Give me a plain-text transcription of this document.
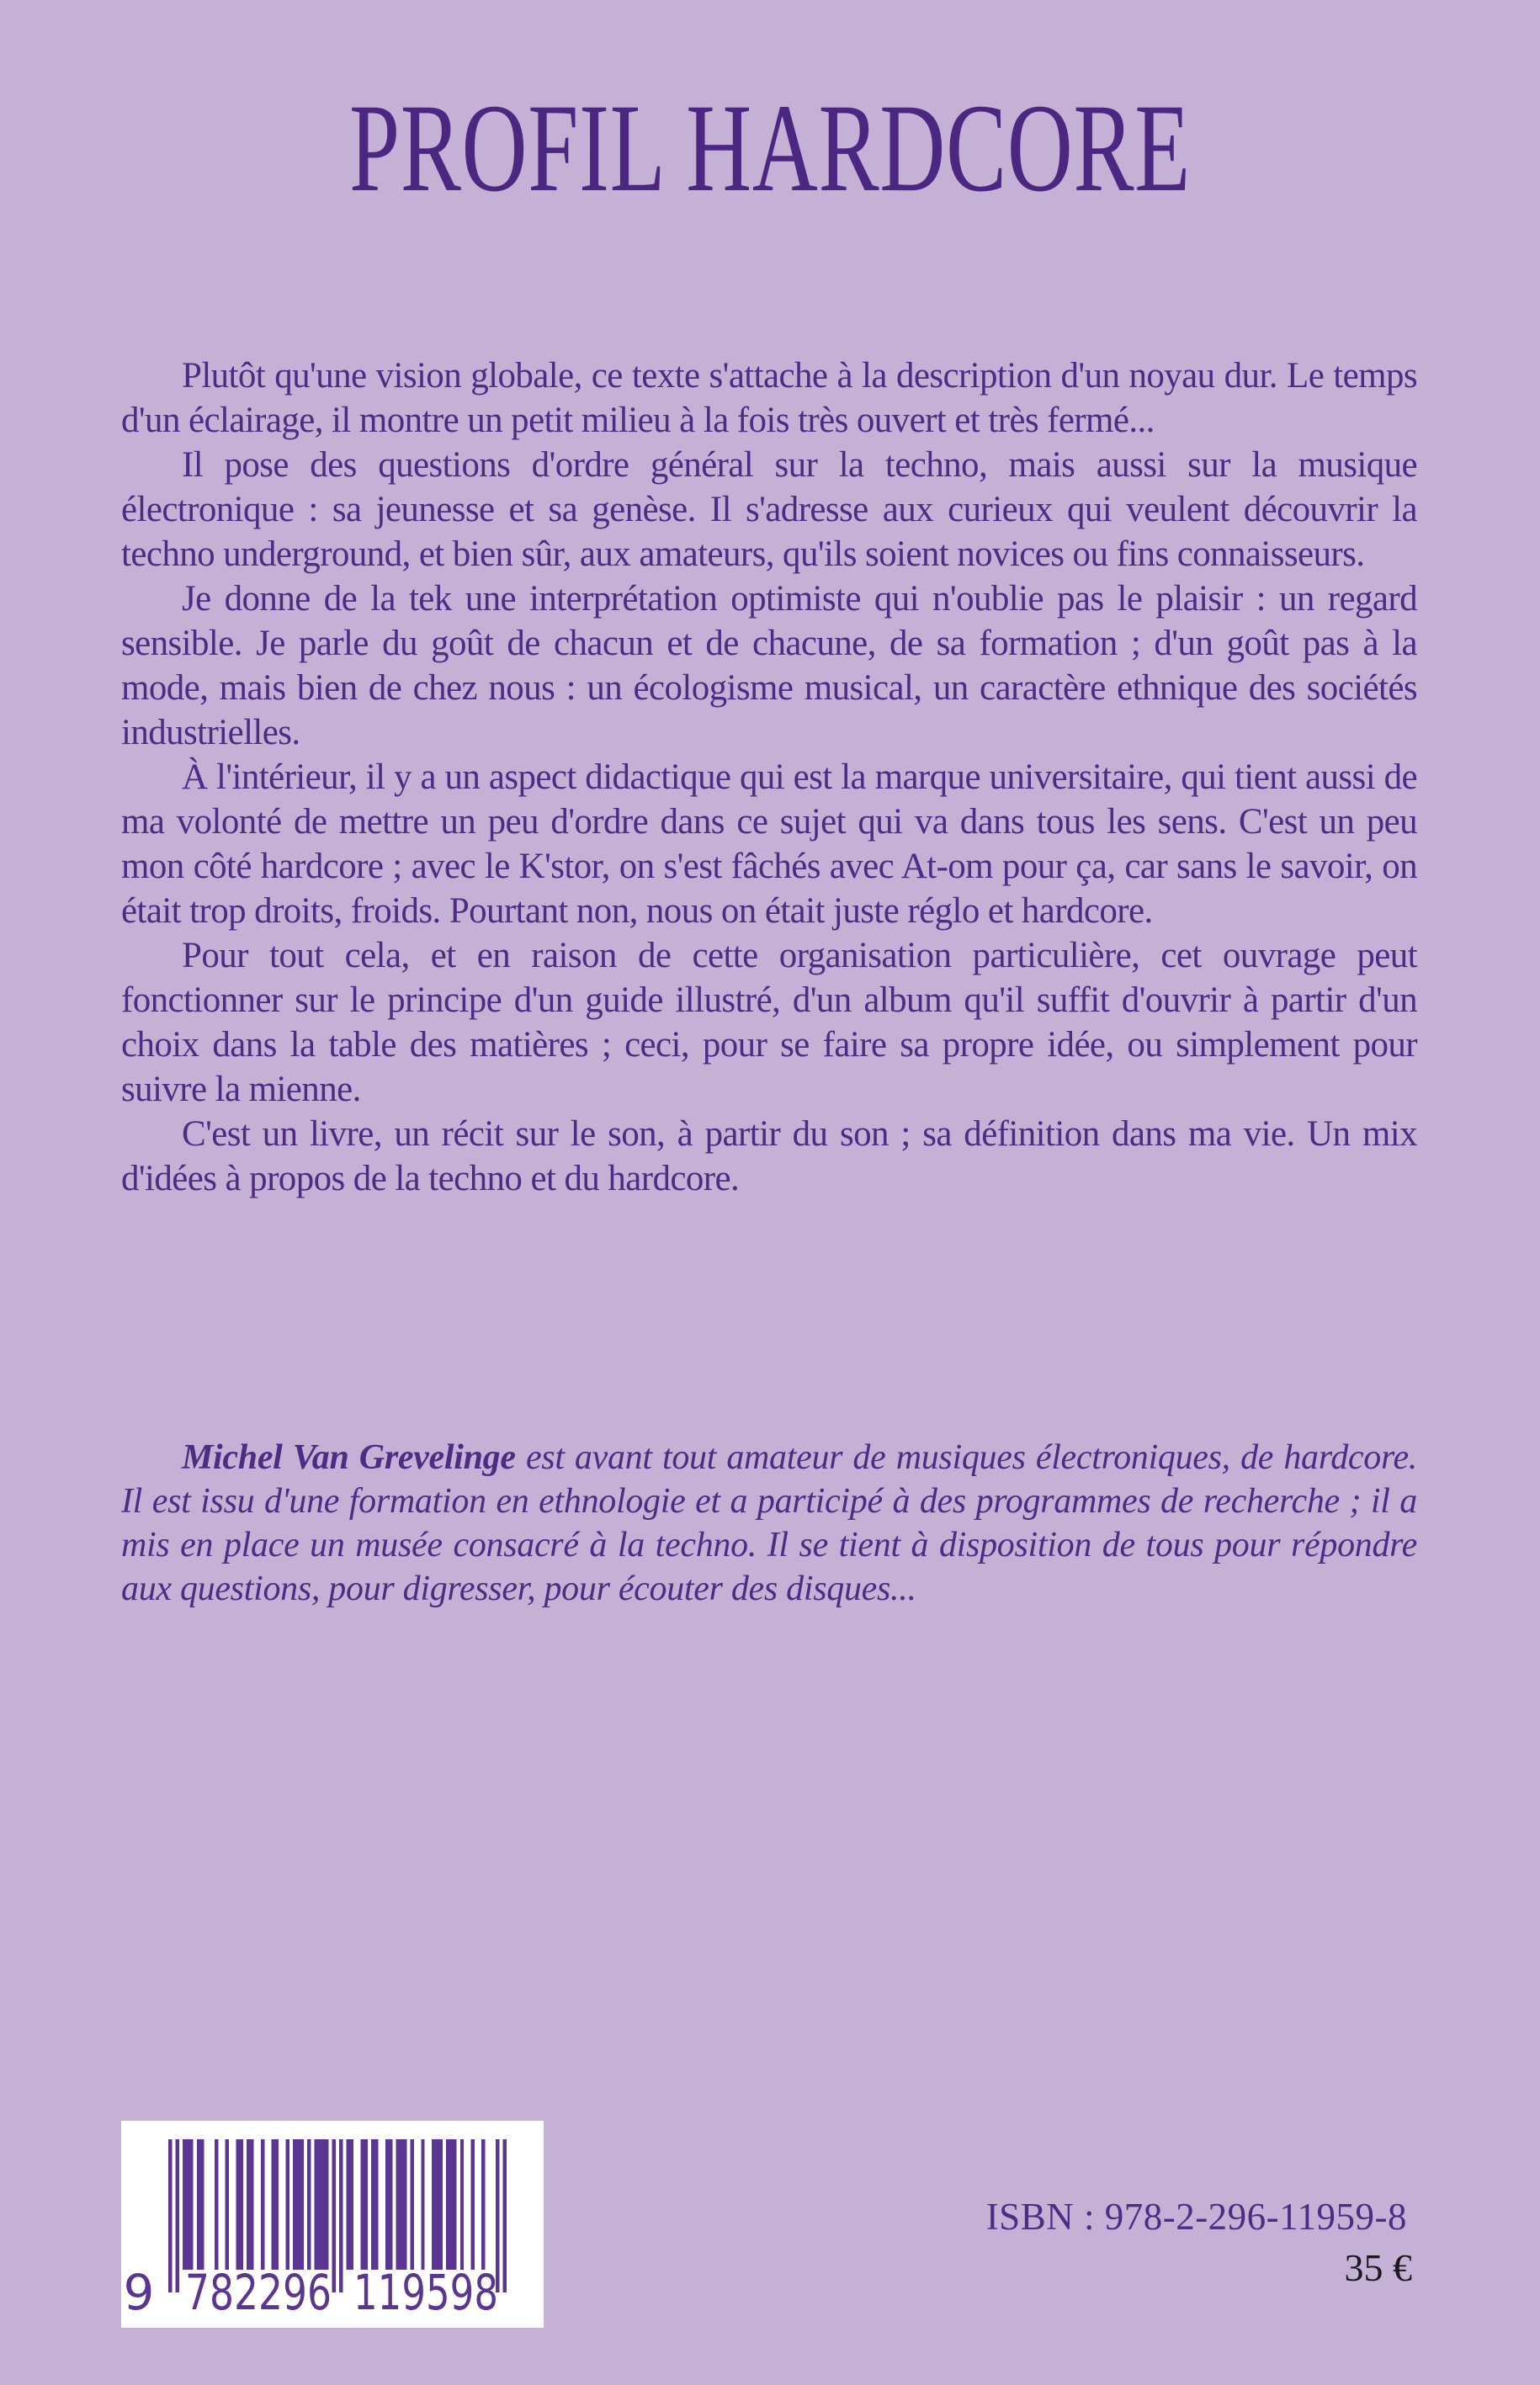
PROFIL HARDCORE

Plutôt qu'une vision globale, ce texte s'attache à la description d'un noyau dur. Le temps d'un éclairage, il montre un petit milieu à la fois très ouvert et très fermé...

Il pose des questions d'ordre général sur la techno, mais aussi sur la musique électronique : sa jeunesse et sa genèse. Il s'adresse aux curieux qui veulent découvrir la techno underground, et bien sûr, aux amateurs, qu'ils soient novices ou fins connaisseurs.

Je donne de la tek une interprétation optimiste qui n'oublie pas le plaisir : un regard sensible. Je parle du goût de chacun et de chacune, de sa formation ; d'un goût pas à la mode, mais bien de chez nous : un écologisme musical, un caractère ethnique des sociétés industrielles.

À l'intérieur, il y a un aspect didactique qui est la marque universitaire, qui tient aussi de ma volonté de mettre un peu d'ordre dans ce sujet qui va dans tous les sens. C'est un peu mon côté hardcore ; avec le K'stor, on s'est fâchés avec At-om pour ça, car sans le savoir, on était trop droits, froids. Pourtant non, nous on était juste réglo et hardcore.

Pour tout cela, et en raison de cette organisation particulière, cet ouvrage peut fonctionner sur le principe d'un guide illustré, d'un album qu'il suffit d'ouvrir à partir d'un choix dans la table des matières ; ceci, pour se faire sa propre idée, ou simplement pour suivre la mienne.

C'est un livre, un récit sur le son, à partir du son ; sa définition dans ma vie. Un mix d'idées à propos de la techno et du hardcore.

Michel Van Grevelinge est avant tout amateur de musiques électroniques, de hardcore. Il est issu d'une formation en ethnologie et a participé à des programmes de recherche ; il a mis en place un musée consacré à la techno. Il se tient à disposition de tous pour répondre aux questions, pour digresser, pour écouter des disques...

9 782296 119598
ISBN : 978-2-296-11959-8
35 €
